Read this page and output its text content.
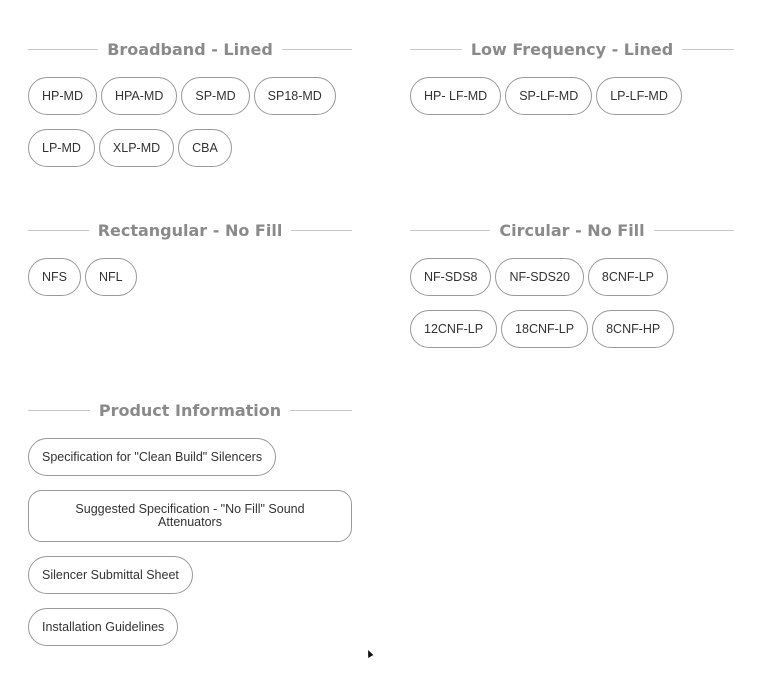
Broadband - Lined
HP-MD	HPA-MD	SP-MD	SP18-MD
LP-MD	XLP-MD	CBA
Low Frequency - Lined
HP- LF-MD	SP-LF-MD	LP-LF-MD
Rectangular - No Fill
NFS	NFL
Circular - No Fill
NF-SDS8	NF-SDS20	8CNF-LP
12CNF-LP	18CNF-LP	8CNF-HP
Product Information
Specification for "Clean Build" Silencers
Suggested Specification - "No Fill" Sound Attenuators
Silencer Submittal Sheet
Installation Guidelines
